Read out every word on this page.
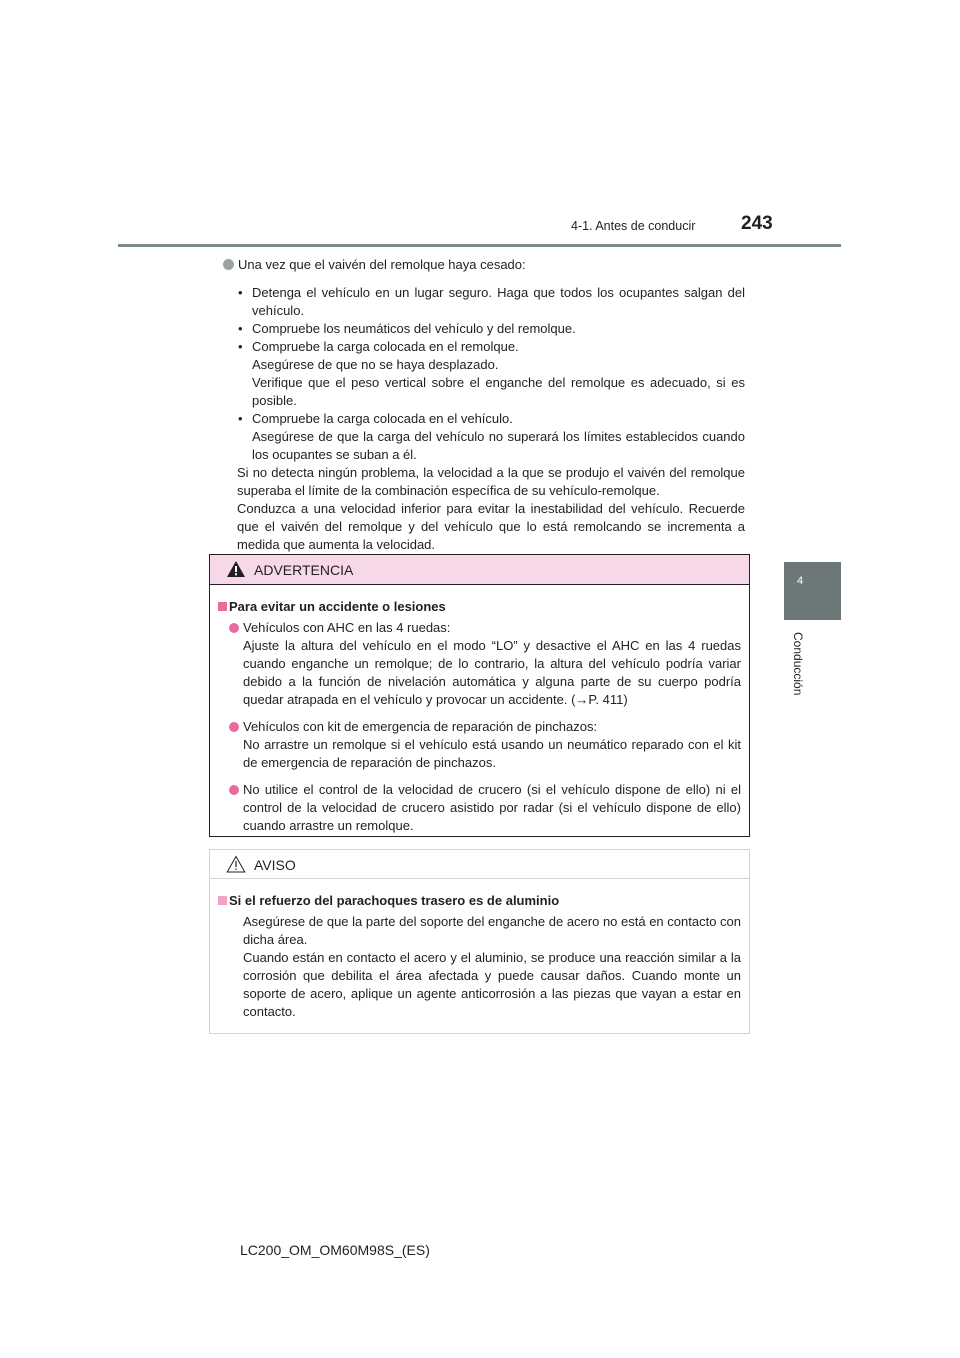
4-1. Antes de conducir 243
4
Conducción
Una vez que el vaivén del remolque haya cesado:
• Detenga el vehículo en un lugar seguro. Haga que todos los ocupantes salgan del vehículo.
• Compruebe los neumáticos del vehículo y del remolque.
• Compruebe la carga colocada en el remolque.
Asegúrese de que no se haya desplazado.
Verifique que el peso vertical sobre el enganche del remolque es adecuado, si es posible.
• Compruebe la carga colocada en el vehículo.
Asegúrese de que la carga del vehículo no superará los límites establecidos cuando los ocupantes se suban a él.
Si no detecta ningún problema, la velocidad a la que se produjo el vaivén del remolque superaba el límite de la combinación específica de su vehículo-remolque.
Conduzca a una velocidad inferior para evitar la inestabilidad del vehículo. Recuerde que el vaivén del remolque y del vehículo que lo está remolcando se incrementa a medida que aumenta la velocidad.
ADVERTENCIA
Para evitar un accidente o lesiones
Vehículos con AHC en las 4 ruedas:
Ajuste la altura del vehículo en el modo “LO” y desactive el AHC en las 4 ruedas cuando enganche un remolque; de lo contrario, la altura del vehículo podría variar debido a la función de nivelación automática y alguna parte de su cuerpo podría quedar atrapada en el vehículo y provocar un accidente. (→P. 411)
Vehículos con kit de emergencia de reparación de pinchazos:
No arrastre un remolque si el vehículo está usando un neumático reparado con el kit de emergencia de reparación de pinchazos.
No utilice el control de la velocidad de crucero (si el vehículo dispone de ello) ni el control de la velocidad de crucero asistido por radar (si el vehículo dispone de ello) cuando arrastre un remolque.
AVISO
Si el refuerzo del parachoques trasero es de aluminio
Asegúrese de que la parte del soporte del enganche de acero no está en contacto con dicha área.
Cuando están en contacto el acero y el aluminio, se produce una reacción similar a la corrosión que debilita el área afectada y puede causar daños. Cuando monte un soporte de acero, aplique un agente anticorrosión a las piezas que vayan a estar en contacto.
LC200_OM_OM60M98S_(ES)
